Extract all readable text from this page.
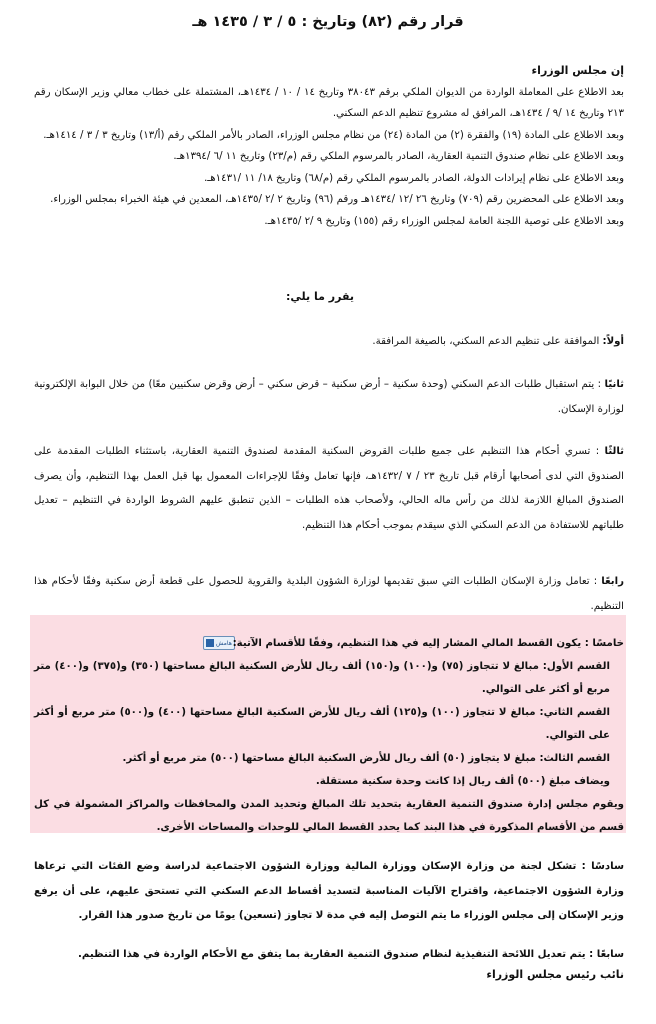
قرار رقم (٨٢) وتاريخ : ٥ / ٣ / ١٤٣٥ هـ

إن مجلس الوزراء

بعد الاطلاع على المعاملة الواردة من الديوان الملكي برقم ٣٨٠٤٣ وتاريخ ١٤ / ١٠ / ١٤٣٤هـ، المشتملة على خطاب معالي وزير الإسكان رقم ٢١٣ وتاريخ ١٤ /٩ / ١٤٣٤هـ، المرافق له مشروع تنظيم الدعم السكني.

وبعد الاطلاع على المادة (١٩) والفقرة (٢) من المادة (٢٤) من نظام مجلس الوزراء، الصادر بالأمر الملكي رقم (أ/١٣) وتاريخ ٣ / ٣ / ١٤١٤هـ.

وبعد الاطلاع على نظام صندوق التنمية العقارية، الصادر بالمرسوم الملكي رقم (م/٢٣) وتاريخ ١١ /٦ /١٣٩٤هـ.

وبعد الاطلاع على نظام إيرادات الدولة، الصادر بالمرسوم الملكي رقم (م/٦٨) وتاريخ ١٨/ ١١ /١٤٣١هـ.

وبعد الاطلاع على المحضرين رقم (٧٠٩) وتاريخ ٢٦ /١٢ /١٤٣٤هـ ورقم (٩٦) وتاريخ ٢ /٢ /١٤٣٥هـ، المعدين في هيئة الخبراء بمجلس الوزراء.

وبعد الاطلاع على توصية اللجنة العامة لمجلس الوزراء رقم (١٥٥) وتاريخ ٩ /٢ /١٤٣٥هـ.

يقرر ما يلي:
أولاً: الموافقة على تنظيم الدعم السكني، بالصيغة المرافقة.
ثانيًا : يتم استقبال طلبات الدعم السكني (وحدة سكنية – أرض سكنية – قرض سكني – أرض وقرض سكنيين معًا) من خلال البوابة الإلكترونية لوزارة الإسكان.
ثالثًا : تسري أحكام هذا التنظيم على جميع طلبات القروض السكنية المقدمة لصندوق التنمية العقارية، باستثناء الطلبات المقدمة على الصندوق التي لدى أصحابها أرقام قبل تاريخ ٢٣ / ٧ /١٤٣٢هـ، فإنها تعامل وفقًا للإجراءات المعمول بها قبل العمل بهذا التنظيم، وأن يصرف الصندوق المبالغ اللازمة لذلك من رأس ماله الحالي، ولأصحاب هذه الطلبات – الذين تنطبق عليهم الشروط الواردة في التنظيم – تعديل طلباتهم للاستفادة من الدعم السكني الذي سيقدم بموجب أحكام هذا التنظيم.
رابعًا : تعامل وزارة الإسكان الطلبات التي سبق تقديمها لوزارة الشؤون البلدية والقروية للحصول على قطعة أرض سكنية وفقًا لأحكام هذا التنظيم.
هامش	خامسًا : يكون القسط المالي المشار إليه في هذا التنظيم، وفقًا للأقسام الآتية:
القسم الأول: مبالغ لا تتجاوز (٧٥) و(١٠٠) و(١٥٠) ألف ريال للأرض السكنية البالغ مساحتها (٣٥٠) و(٣٧٥) و(٤٠٠) متر مربع أو أكثر على التوالي.
القسم الثاني: مبالغ لا تتجاوز (١٠٠) و(١٢٥) ألف ريال للأرض السكنية البالغ مساحتها (٤٠٠) و(٥٠٠) متر مربع أو أكثر على التوالي.
القسم الثالث: مبلغ لا يتجاوز (٥٠) ألف ريال للأرض السكنية البالغ مساحتها (٥٠٠) متر مربع أو أكثر.
ويضاف مبلغ (٥٠٠) ألف ريال إذا كانت وحدة سكنية مستقلة.
ويقوم مجلس إدارة صندوق التنمية العقارية بتحديد تلك المبالغ وتحديد المدن والمحافظات والمراكز المشمولة في كل قسم من الأقسام المذكورة في هذا البند كما يحدد القسط المالي للوحدات والمساحات الأخرى.
سادسًا : تشكل لجنة من وزارة الإسكان ووزارة المالية ووزارة الشؤون الاجتماعية لدراسة وضع الفئات التي ترعاها وزارة الشؤون الاجتماعية، واقتراح الآليات المناسبة لتسديد أقساط الدعم السكني التي تستحق عليهم، على أن يرفع وزير الإسكان إلى مجلس الوزراء ما يتم التوصل إليه في مدة لا تجاوز (تسعين) يومًا من تاريخ صدور هذا القرار.
سابعًا : يتم تعديل اللائحة التنفيذية لنظام صندوق التنمية العقارية بما يتفق مع الأحكام الواردة في هذا التنظيم.
نائب رئيس مجلس الوزراء
